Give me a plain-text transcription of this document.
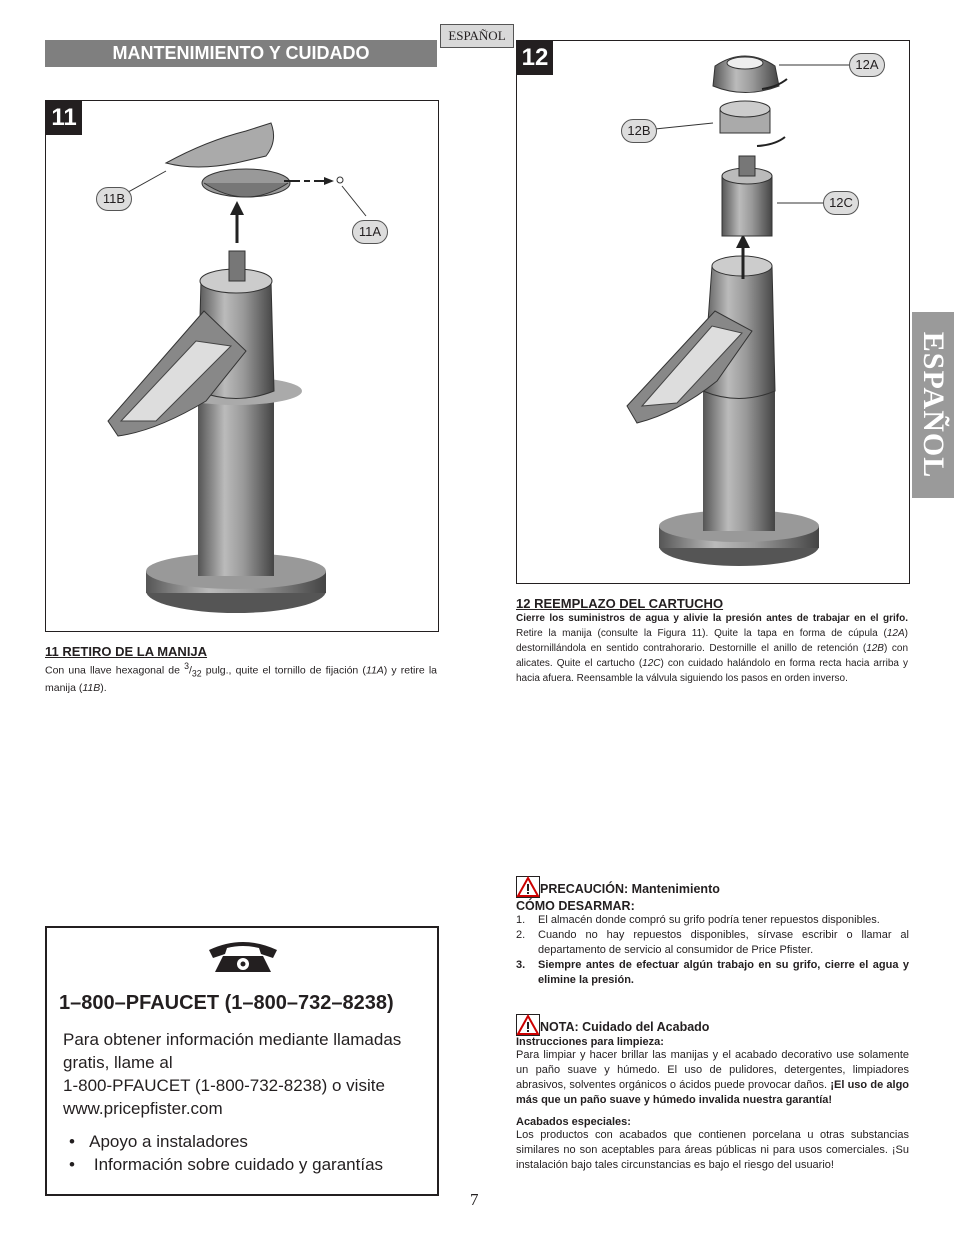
ESPAÑOL
MANTENIMIENTO Y CUIDADO
ESPAÑOL
11
11B
11A
11 RETIRO DE LA MANIJA
Con una llave hexagonal de $^3/_{32}$ pulg., quite el tornillo de fijación (11A) y retire la manija (11B).
12	12A
12B
12C
12 REEMPLAZO DEL CARTUCHO
Cierre los suministros de agua y alivie la presión antes de trabajar en el grifo. Retire la manija (consulte la Figura 11). Quite la tapa en forma de cúpula (12A) destornillándola en sentido contrahorario. Destornille el anillo de retención (12B) con alicates. Quite el cartucho (12C) con cuidado halándolo en forma recta hacia arriba y hacia afuera. Reensamble la válvula siguiendo los pasos en orden inverso.
1–800–PFAUCET (1–800–732–8238)
Para obtener información mediante llamadas
gratis, llame al
1-800-PFAUCET (1-800-732-8238) o visite
www.pricepfister.com
•   Apoyo a instaladores
•    Información sobre cuidado y garantías
PRECAUCIÓN: Mantenimiento
CÓMO DESARMAR:
1. El almacén donde compró su grifo podría tener repuestos disponibles.
2. Cuando no hay repuestos disponibles, sírvase escribir o llamar al departamento de servicio al consumidor de Price Pfister.
3. Siempre antes de efectuar algún trabajo en su grifo, cierre el agua y elimine la presión.
NOTA: Cuidado del Acabado
Instrucciones para limpieza:
Para limpiar y hacer brillar las manijas y el acabado decorativo use solamente un paño suave y húmedo. El uso de pulidores, detergentes, limpiadores abrasivos, solventes orgánicos o ácidos puede provocar daños. ¡El uso de algo más que un paño suave y húmedo invalida nuestra garantía!
Acabados especiales:
Los productos con acabados que contienen porcelana u otras substancias similares no son aceptables para áreas públicas ni para usos comerciales. ¡Su instalación bajo tales circunstancias es bajo el riesgo del usuario!
7
